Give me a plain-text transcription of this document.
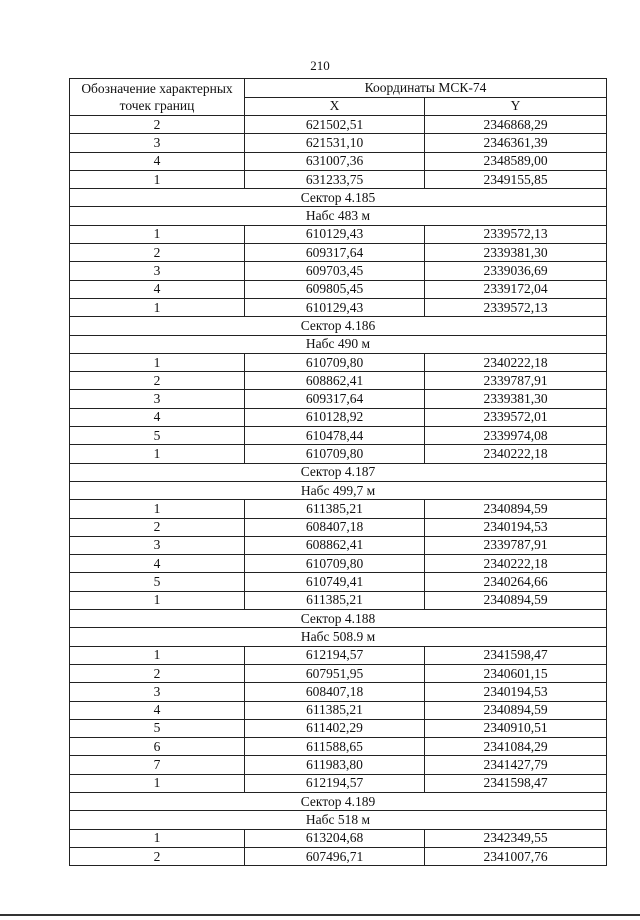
210
Обозначение характерных точек границ	Координаты МСК-74	
	X	Y
2	621502,51	2346868,29
3	621531,10	2346361,39
4	631007,36	2348589,00
1	631233,75	2349155,85
Сектор 4.185		
Набс 483 м		
1	610129,43	2339572,13
2	609317,64	2339381,30
3	609703,45	2339036,69
4	609805,45	2339172,04
1	610129,43	2339572,13
Сектор 4.186		
Набс 490 м		
1	610709,80	2340222,18
2	608862,41	2339787,91
3	609317,64	2339381,30
4	610128,92	2339572,01
5	610478,44	2339974,08
1	610709,80	2340222,18
Сектор 4.187		
Набс 499,7 м		
1	611385,21	2340894,59
2	608407,18	2340194,53
3	608862,41	2339787,91
4	610709,80	2340222,18
5	610749,41	2340264,66
1	611385,21	2340894,59
Сектор 4.188		
Набс 508.9 м		
1	612194,57	2341598,47
2	607951,95	2340601,15
3	608407,18	2340194,53
4	611385,21	2340894,59
5	611402,29	2340910,51
6	611588,65	2341084,29
7	611983,80	2341427,79
1	612194,57	2341598,47
Сектор 4.189		
Набс 518 м		
1	613204,68	2342349,55
2	607496,71	2341007,76
